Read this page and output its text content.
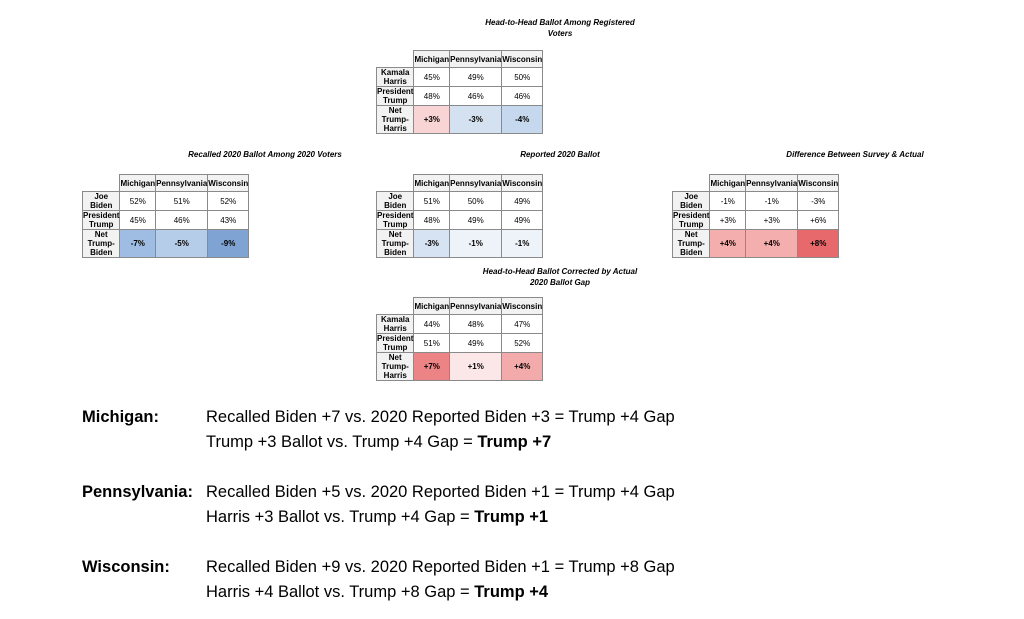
Head-to-Head Ballot Among Registered
Voters
	Michigan	Pennsylvania	Wisconsin
Kamala Harris	45%	49%	50%
President Trump	48%	46%	46%
Net Trump-Harris	+3%	-3%	-4%
Recalled 2020 Ballot Among 2020 Voters
	Michigan	Pennsylvania	Wisconsin
Joe Biden	52%	51%	52%
President Trump	45%	46%	43%
Net Trump-Biden	-7%	-5%	-9%
Reported 2020 Ballot
	Michigan	Pennsylvania	Wisconsin
Joe Biden	51%	50%	49%
President Trump	48%	49%	49%
Net Trump-Biden	-3%	-1%	-1%
Difference Between Survey & Actual
	Michigan	Pennsylvania	Wisconsin
Joe Biden	-1%	-1%	-3%
President Trump	+3%	+3%	+6%
Net Trump-Biden	+4%	+4%	+8%
Head-to-Head Ballot Corrected by Actual
2020 Ballot Gap
	Michigan	Pennsylvania	Wisconsin
Kamala Harris	44%	48%	47%
President Trump	51%	49%	52%
Net Trump-Harris	+7%	+1%	+4%
Michigan:	Recalled Biden +7 vs. 2020 Reported Biden +3 = Trump +4 Gap
Trump +3 Ballot vs. Trump +4 Gap = Trump +7
Pennsylvania: Recalled Biden +5 vs. 2020 Reported Biden +1 = Trump +4 Gap
Harris +3 Ballot vs. Trump +4 Gap = Trump +1
Wisconsin: Recalled Biden +9 vs. 2020 Reported Biden +1 = Trump +8 Gap
Harris +4 Ballot vs. Trump +8 Gap = Trump +4
